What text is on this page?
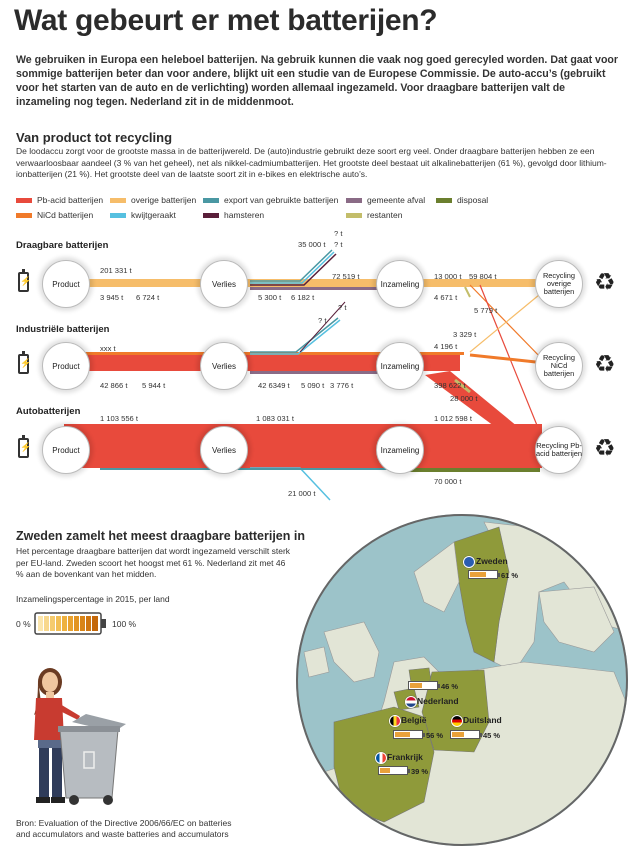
Wat gebeurt er met batterijen?
We gebruiken in Europa een heleboel batterijen. Na gebruik kunnen die vaak nog goed gerecyled worden. Dat gaat voor sommige batterijen beter dan voor andere, blijkt uit een studie van de Europese Commissie. De auto-accu’s (gebruikt voor het starten van de auto en de verlichting) worden allemaal ingezameld. Voor draagbare batterijen valt de inzameling nog tegen. Nederland zit in de middenmoot.
Van product tot recycling
De loodaccu zorgt voor de grootste massa in de batterijwereld. De (auto)industrie gebruikt deze soort erg veel. Onder draagbare batterijen hebben ze een verwaarloosbaar aandeel (3 % van het geheel), net als nikkel-cadmiumbatterijen. Het grootste deel bestaat uit alkalinebatterijen (61 %), gevolgd door lithium-ionbatterijen (21 %). Het grootste deel van de laatste soort zit in e-bikes en elektrische auto’s.
Pb-acid batterijen	overige batterijen	export van gebruikte batterijen	gemeente afval	disposal
NiCd batterijen	kwijtgeraakt	hamsteren	restanten
Draagbare batterijen
Industriële batterijen
Autobatterijen
⚡
⚡
⚡
Product	Verlies	Inzameling
Recycling overige batterijen
Product	Verlies	Inzameling
Recycling NiCd batterijen
Product	Verlies	Inzameling
Recycling Pb-acid batterijen
♻
♻
♻
201 331 t
3 945 t 6 724 t
35 000 t
? t
? t
72 519 t
5 300 t 6 182 t
13 000 t 59 804 t
4 671 t
5 779 t
xxx t
? t
? t
42 866 t 5 944 t	42 6349 t 5 090 t 3 776 t
3 329 t
4 196 t
398 622 t
28 000 t
1 103 556 t	1 083 031 t	1 012 598 t
70 000 t
21 000 t
Zweden zamelt het meest draagbare batterijen in
Het percentage draagbare batterijen dat wordt ingezameld verschilt sterk per EU-land. Zweden scoort het hoogst met 61 %. Nederland zit met 46 % aan de bovenkant van het midden.
Inzamelingspercentage in 2015, per land
0 %	100 %
Zweden
61 %
46 %
Nederland
België
56 %
Duitsland
45 %
Frankrijk
39 %
Bron: Evaluation of the Directive 2006/66/EC on batteries and accumulators and waste batteries and accumulators
